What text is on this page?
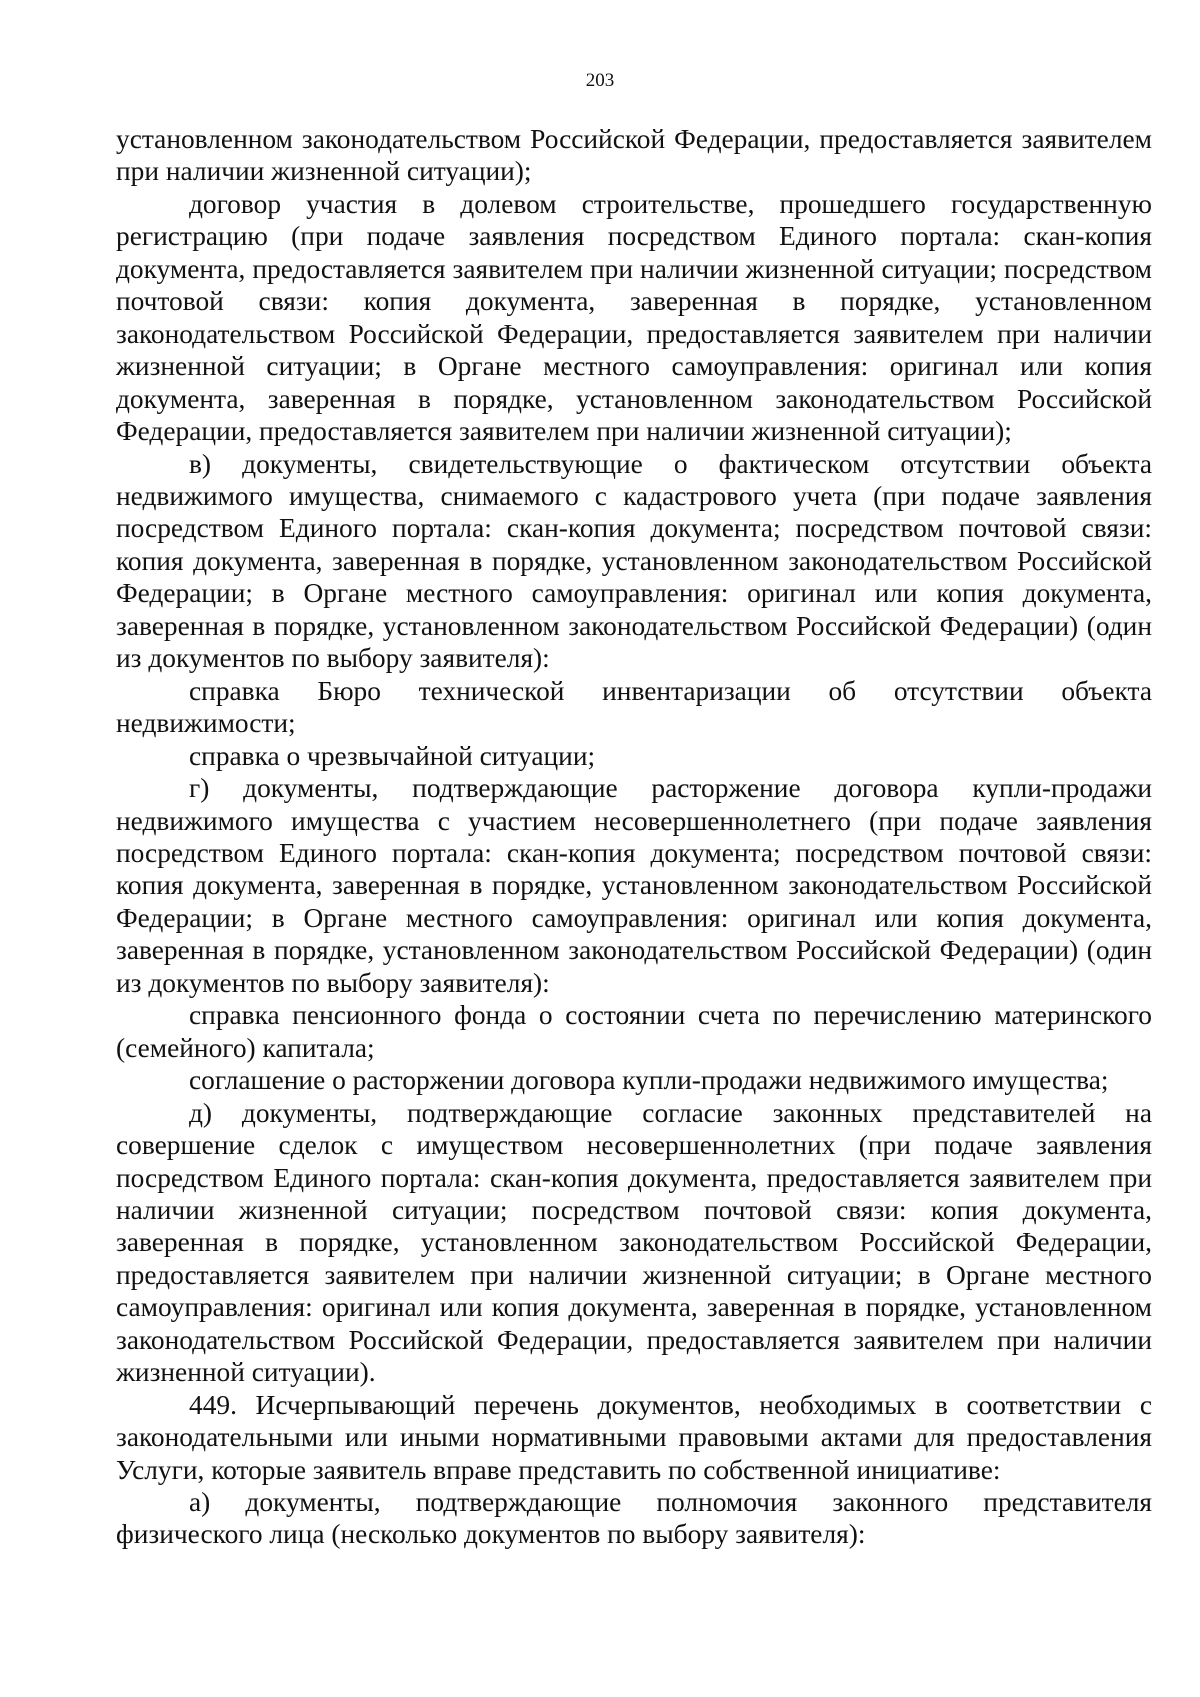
203

установленном законодательством Российской Федерации, предоставляется заявителем при наличии жизненной ситуации);

договор участия в долевом строительстве, прошедшего государственную регистрацию (при подаче заявления посредством Единого портала: скан-копия документа, предоставляется заявителем при наличии жизненной ситуации; посредством почтовой связи: копия документа, заверенная в порядке, установленном законодательством Российской Федерации, предоставляется заявителем при наличии жизненной ситуации; в Органе местного самоуправления: оригинал или копия документа, заверенная в порядке, установленном законодательством Российской Федерации, предоставляется заявителем при наличии жизненной ситуации);

в) документы, свидетельствующие о фактическом отсутствии объекта недвижимого имущества, снимаемого с кадастрового учета (при подаче заявления посредством Единого портала: скан-копия документа; посредством почтовой связи: копия документа, заверенная в порядке, установленном законодательством Российской Федерации; в Органе местного самоуправления: оригинал или копия документа, заверенная в порядке, установленном законодательством Российской Федерации) (один из документов по выбору заявителя):

справка Бюро технической инвентаризации об отсутствии объекта недвижимости;

справка о чрезвычайной ситуации;

г) документы, подтверждающие расторжение договора купли-продажи недвижимого имущества с участием несовершеннолетнего (при подаче заявления посредством Единого портала: скан-копия документа; посредством почтовой связи: копия документа, заверенная в порядке, установленном законодательством Российской Федерации; в Органе местного самоуправления: оригинал или копия документа, заверенная в порядке, установленном законодательством Российской Федерации) (один из документов по выбору заявителя):

справка пенсионного фонда о состоянии счета по перечислению материнского (семейного) капитала;

соглашение о расторжении договора купли-продажи недвижимого имущества;

д) документы, подтверждающие согласие законных представителей на совершение сделок с имуществом несовершеннолетних (при подаче заявления посредством Единого портала: скан-копия документа, предоставляется заявителем при наличии жизненной ситуации; посредством почтовой связи: копия документа, заверенная в порядке, установленном законодательством Российской Федерации, предоставляется заявителем при наличии жизненной ситуации; в Органе местного самоуправления: оригинал или копия документа, заверенная в порядке, установленном законодательством Российской Федерации, предоставляется заявителем при наличии жизненной ситуации).

449. Исчерпывающий перечень документов, необходимых в соответствии с законодательными или иными нормативными правовыми актами для предоставления Услуги, которые заявитель вправе представить по собственной инициативе:

а) документы, подтверждающие полномочия законного представителя физического лица (несколько документов по выбору заявителя):
